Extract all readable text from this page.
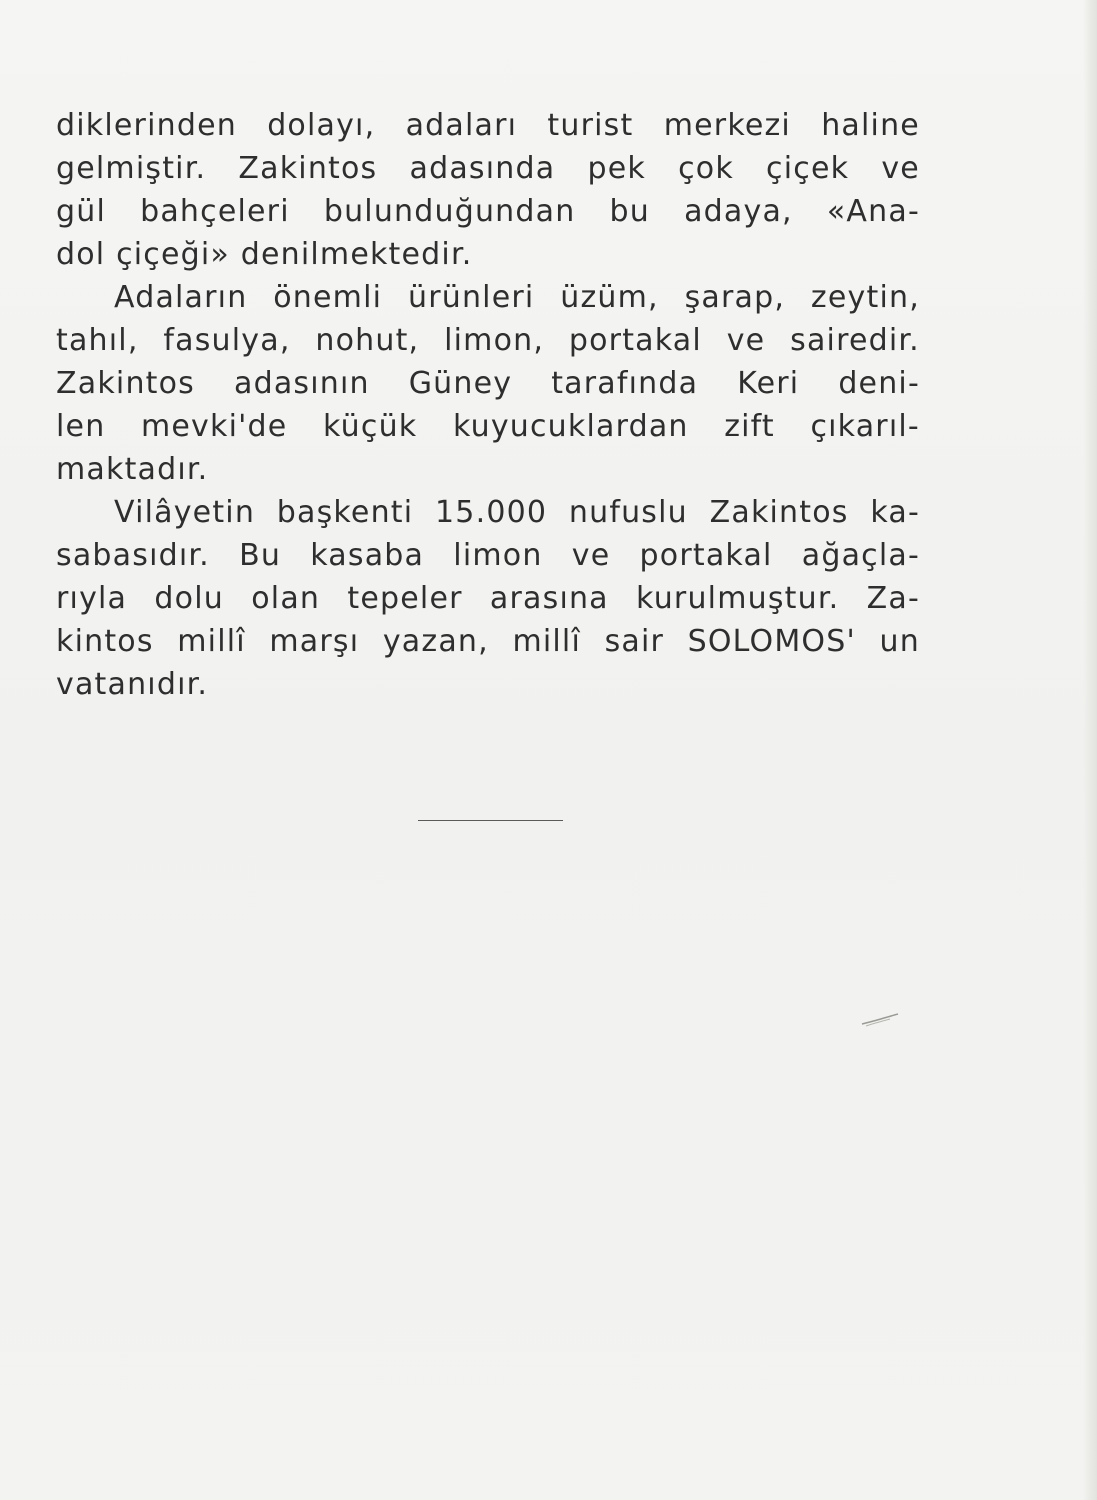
diklerinden dolayı, adaları turist merkezi haline
gelmiştir. Zakintos adasında pek çok çiçek ve
gül bahçeleri bulunduğundan bu adaya, «Ana-
dol çiçeği» denilmektedir.
Adaların önemli ürünleri üzüm, şarap, zeytin,
tahıl, fasulya, nohut, limon, portakal ve sairedir.
Zakintos adasının Güney tarafında Keri deni-
len mevki'de küçük kuyucuklardan zift çıkarıl-
maktadır.
Vilâyetin başkenti 15.000 nufuslu Zakintos ka-
sabasıdır. Bu kasaba limon ve portakal ağaçla-
rıyla dolu olan tepeler arasına kurulmuştur. Za-
kintos millî marşı yazan, millî sair SOLOMOS' un
vatanıdır.
